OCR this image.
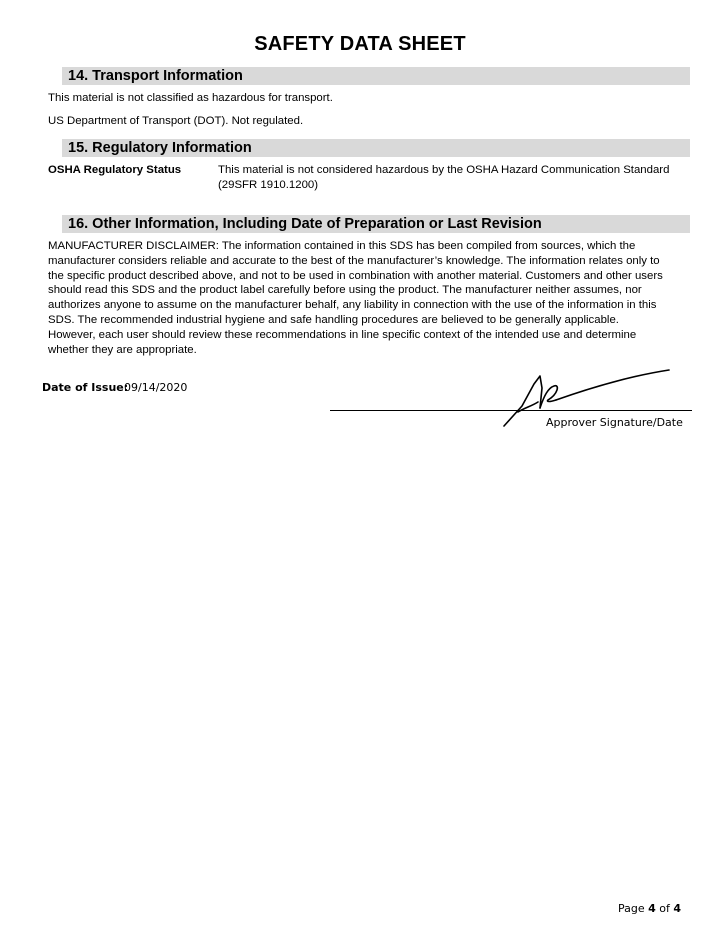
SAFETY DATA SHEET
14. Transport Information
This material is not classified as hazardous for transport.
US Department of Transport (DOT). Not regulated.
15. Regulatory Information
OSHA Regulatory Status	This material is not considered hazardous by the OSHA Hazard Communication Standard
(29SFR 1910.1200)
16. Other Information, Including Date of Preparation or Last Revision
MANUFACTURER DISCLAIMER: The information contained in this SDS has been compiled from sources, which the
manufacturer considers reliable and accurate to the best of the manufacturer’s knowledge. The information relates only to
the specific product described above, and not to be used in combination with another material. Customers and other users
should read this SDS and the product label carefully before using the product. The manufacturer neither assumes, nor
authorizes anyone to assume on the manufacturer behalf, any liability in connection with the use of the information in this
SDS. The recommended industrial hygiene and safe handling procedures are believed to be generally applicable.
However, each user should review these recommendations in line specific context of the intended use and determine
whether they are appropriate.
Date of Issue:
09/14/2020
Approver Signature/Date
Page 4 of 4
